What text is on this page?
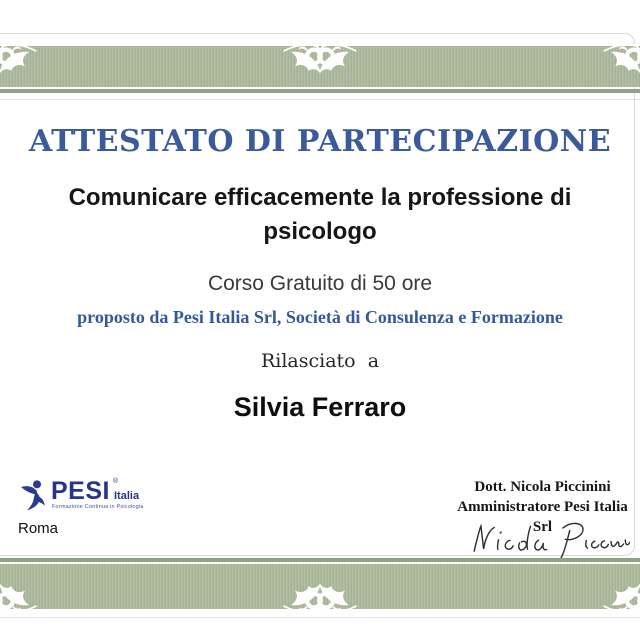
ATTESTATO DI PARTECIPAZIONE
Comunicare efficacemente la professione di psicologo
Corso Gratuito di 50 ore
proposto da Pesi Italia Srl, Società di Consulenza e Formazione
Rilasciato  a
Silvia Ferraro
PESI ®
Italia
Formazione Continua in Psicologia
Roma
Dott. Nicola Piccinini
Amministratore Pesi Italia Srl
